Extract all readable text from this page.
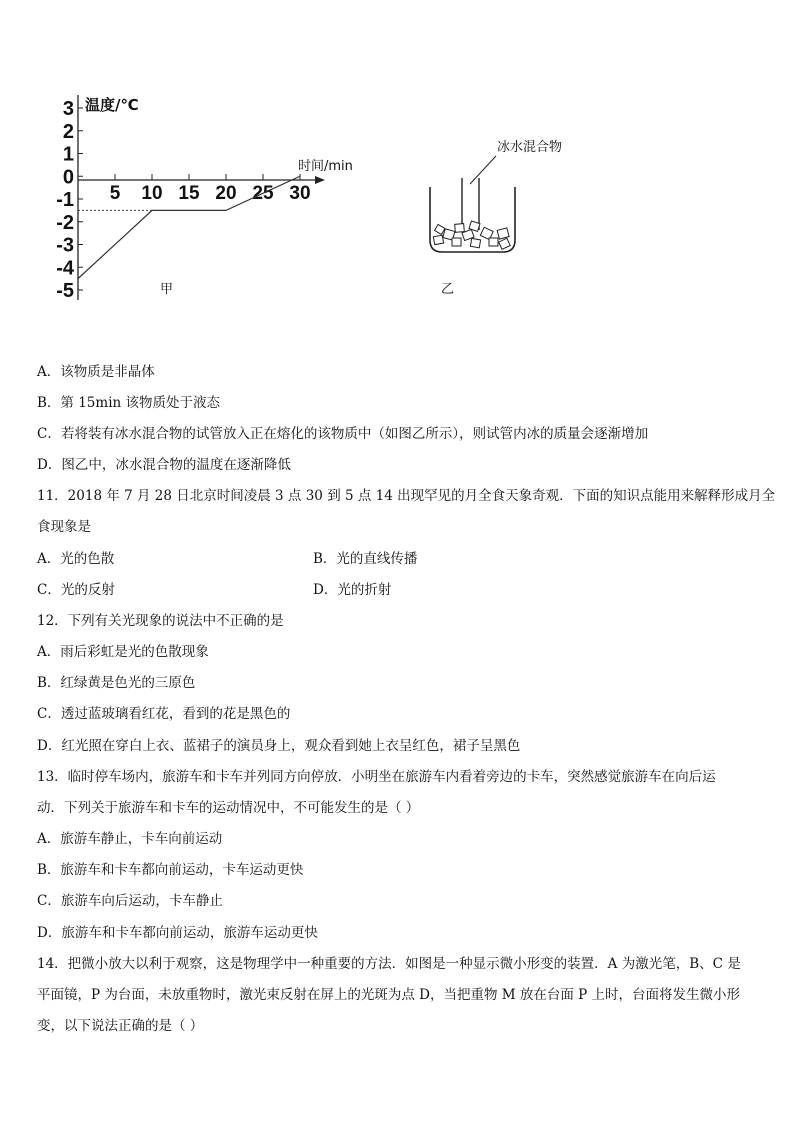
温度/℃
时间/min
3
2
1
0
-1
-2
-3
-4
-5
5 10 15 20 25 30
甲
冰水混合物
乙
A．该物质是非晶体
B．第 15min 该物质处于液态
C．若将装有冰水混合物的试管放入正在熔化的该物质中（如图乙所示），则试管内冰的质量会逐渐增加
D．图乙中，冰水混合物的温度在逐渐降低
11．2018 年 7 月 28 日北京时间凌晨 3 点 30 到 5 点 14 出现罕见的月全食天象奇观．下面的知识点能用来解释形成月全
食现象是
A．光的色散	B．光的直线传播
C．光的反射	D．光的折射
12．下列有关光现象的说法中不正确的是
A．雨后彩虹是光的色散现象
B．红绿黄是色光的三原色
C．透过蓝玻璃看红花，看到的花是黑色的
D．红光照在穿白上衣、蓝裙子的演员身上，观众看到她上衣呈红色，裙子呈黑色
13．临时停车场内，旅游车和卡车并列同方向停放．小明坐在旅游车内看着旁边的卡车，突然感觉旅游车在向后运
动．下列关于旅游车和卡车的运动情况中，不可能发生的是（ ）
A．旅游车静止，卡车向前运动
B．旅游车和卡车都向前运动，卡车运动更快
C．旅游车向后运动，卡车静止
D．旅游车和卡车都向前运动，旅游车运动更快
14．把微小放大以利于观察，这是物理学中一种重要的方法．如图是一种显示微小形变的装置．A 为激光笔，B、C 是
平面镜，P 为台面，未放重物时，激光束反射在屏上的光斑为点 D，当把重物 M 放在台面 P 上时，台面将发生微小形
变，以下说法正确的是（ ）
